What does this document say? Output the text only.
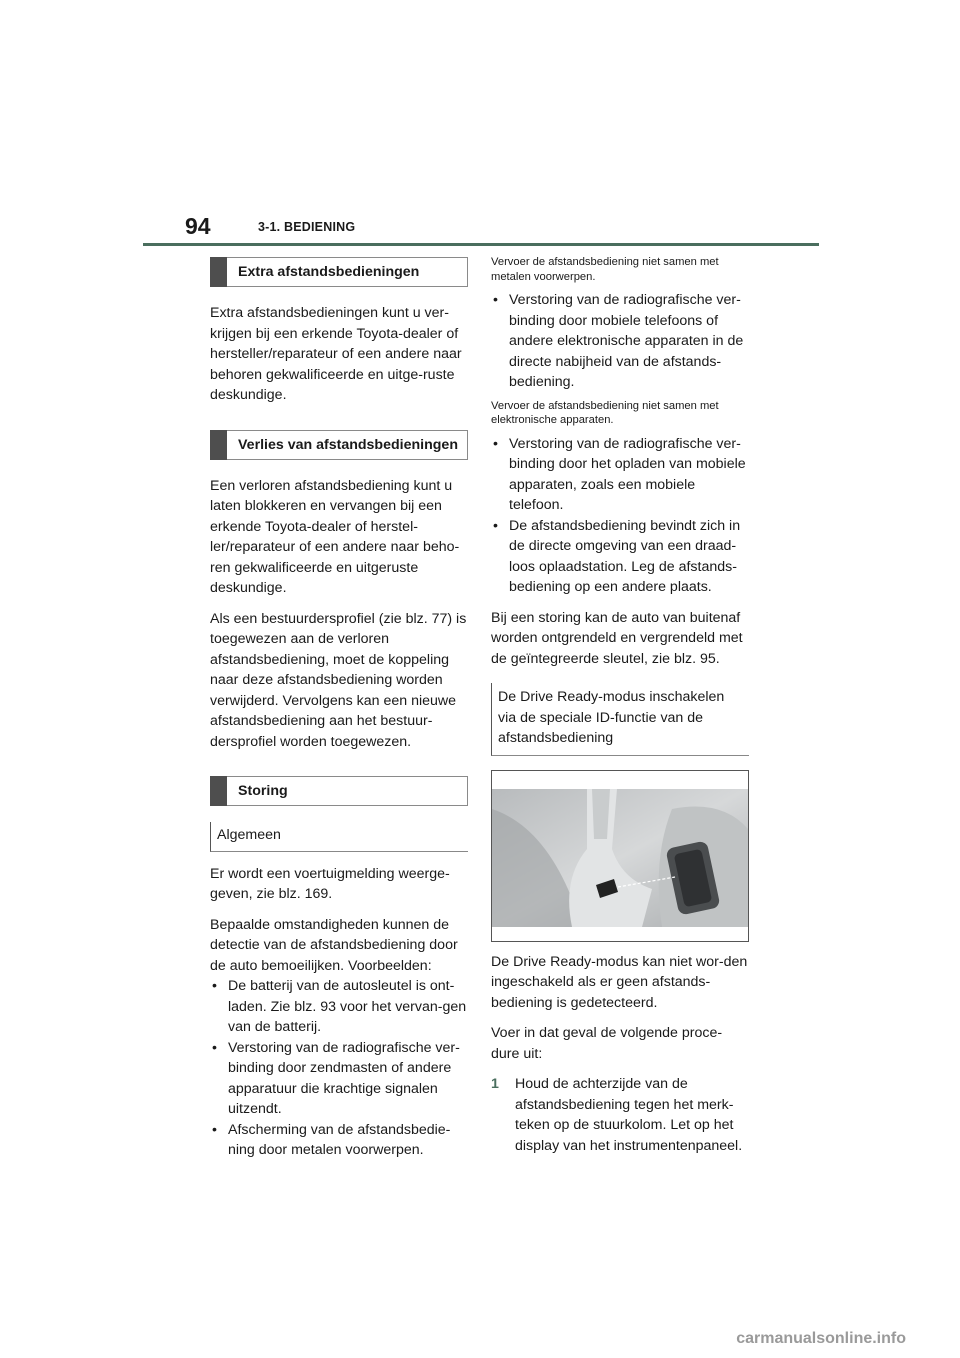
94	3-1. BEDIENING
Extra afstandsbedieningen

Extra afstandsbedieningen kunt u ver-krijgen bij een erkende Toyota-dealer of hersteller/reparateur of een andere naar behoren gekwalificeerde en uitge-ruste deskundige.

Verlies van afstandsbedieningen

Een verloren afstandsbediening kunt u laten blokkeren en vervangen bij een erkende Toyota-dealer of herstel-ler/reparateur of een andere naar beho-ren gekwalificeerde en uitgeruste deskundige.

Als een bestuurdersprofiel (zie blz. 77) is toegewezen aan de verloren afstandsbediening, moet de koppeling naar deze afstandsbediening worden verwijderd. Vervolgens kan een nieuwe afstandsbediening aan het bestuur-dersprofiel worden toegewezen.

Storing
Algemeen

Er wordt een voertuigmelding weerge-geven, zie blz. 169.

Bepaalde omstandigheden kunnen de detectie van de afstandsbediening door de auto bemoeilijken. Voorbeelden:

• De batterij van de autosleutel is ont-laden. Zie blz. 93 voor het vervan-gen van de batterij.
• Verstoring van de radiografische ver-binding door zendmasten of andere apparatuur die krachtige signalen uitzendt.
• Afscherming van de afstandsbedie-ning door metalen voorwerpen.

Vervoer de afstandsbediening niet samen met metalen voorwerpen.

• Verstoring van de radiografische ver-binding door mobiele telefoons of andere elektronische apparaten in de directe nabijheid van de afstands-bediening.

Vervoer de afstandsbediening niet samen met elektronische apparaten.

• Verstoring van de radiografische ver-binding door het opladen van mobiele apparaten, zoals een mobiele telefoon.
• De afstandsbediening bevindt zich in de directe omgeving van een draad-loos oplaadstation. Leg de afstands-bediening op een andere plaats.

Bij een storing kan de auto van buitenaf worden ontgrendeld en vergrendeld met de geïntegreerde sleutel, zie blz. 95.

De Drive Ready-modus inschakelen
via de speciale ID-functie van de
afstandsbediening

De Drive Ready-modus kan niet wor-den ingeschakeld als er geen afstands-bediening is gedetecteerd.

Voer in dat geval de volgende proce-dure uit:

1 Houd de achterzijde van de afstandsbediening tegen het merk-teken op de stuurkolom. Let op het display van het instrumentenpaneel.
carmanualsonline.info
